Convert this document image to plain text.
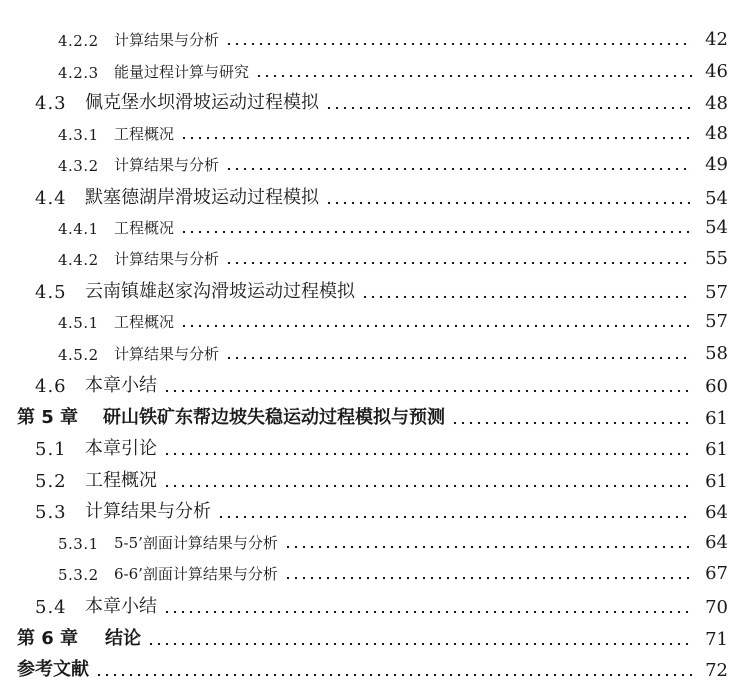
4.2.2	计算结果与分析	42
4.2.3	能量过程计算与研究	46
4.3	佩克堡水坝滑坡运动过程模拟	48
4.3.1	工程概况	48
4.3.2	计算结果与分析	49
4.4	默塞德湖岸滑坡运动过程模拟	54
4.4.1	工程概况	54
4.4.2	计算结果与分析	55
4.5	云南镇雄赵家沟滑坡运动过程模拟	57
4.5.1	工程概况	57
4.5.2	计算结果与分析	58
4.6	本章小结	60
第 5 章	研山铁矿东帮边坡失稳运动过程模拟与预测	61
5.1	本章引论	61
5.2	工程概况	61
5.3	计算结果与分析	64
5.3.1	5-5’剖面计算结果与分析	64
5.3.2	6-6’剖面计算结果与分析	67
5.4	本章小结	70
第 6 章	结论	71
参考文献	72
